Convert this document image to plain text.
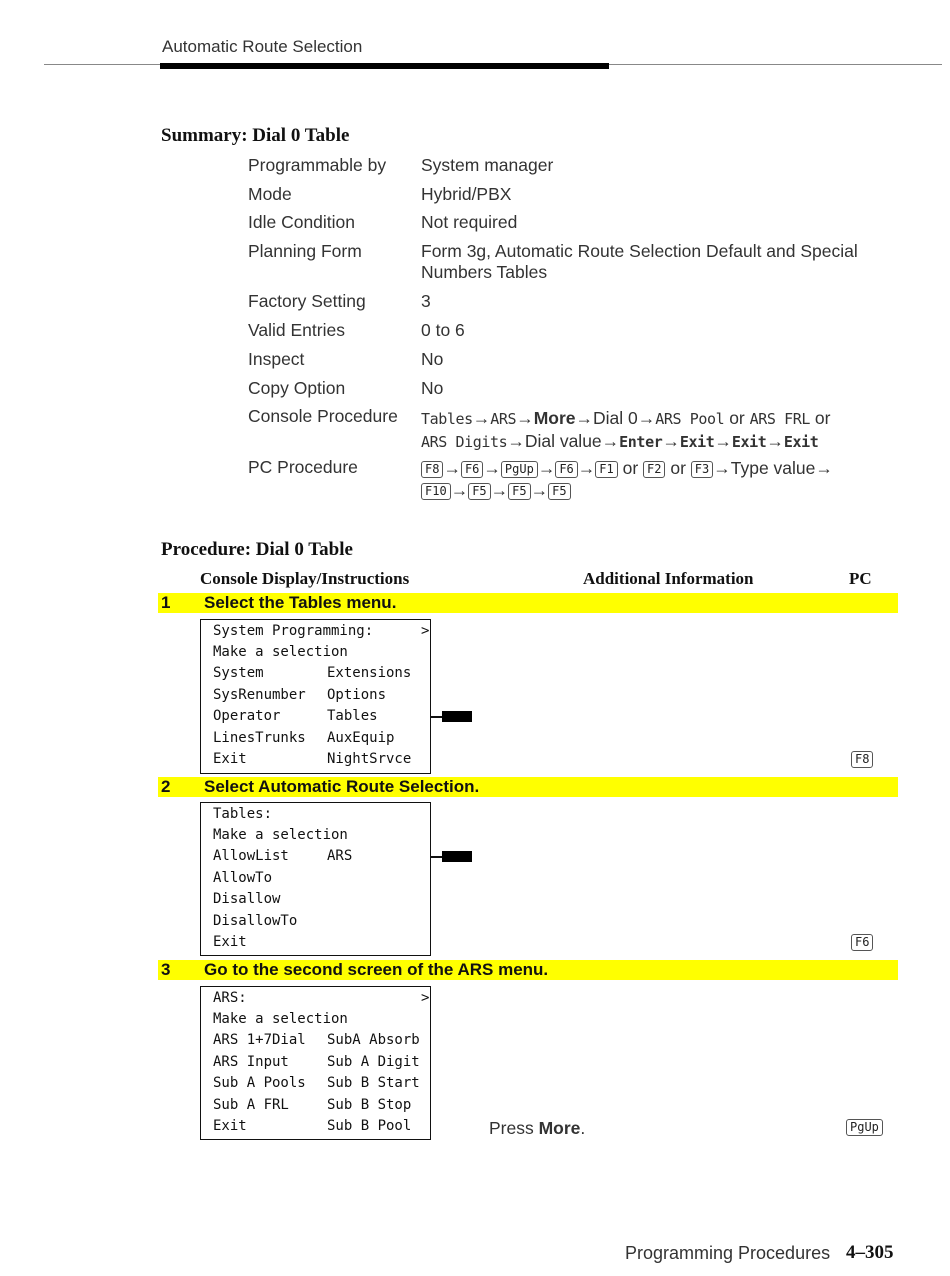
Automatic Route Selection
Summary: Dial 0 Table
Programmable by System manager
Mode	Hybrid/PBX
Idle Condition	Not required
Planning Form	Form 3g, Automatic Route Selection Default and Special Numbers Tables
Factory Setting	3
Valid Entries	0 to 6
Inspect	No
Copy Option	No
Console Procedure Tables→ARS→More→Dial 0→ARS Pool or ARS FRL or
ARS Digits→Dial value→Enter→Exit→Exit→Exit
PC Procedure	F8 → F6 → PgUp → F6 → F1 or F2 or F3 →Type value→
F10 → F5 → F5 → F5
Procedure: Dial 0 Table
Console Display/Instructions	Additional Information	PC
1 Select the Tables menu.
System Programming:	>
Make a selection
System	Extensions
SysRenumber Options
Operator	Tables
LinesTrunks AuxEquip
Exit	NightSrvce	F8
2 Select Automatic Route Selection.
Tables:
Make a selection
AllowList	ARS
AllowTo
Disallow
DisallowTo
Exit	F6
3 Go to the second screen of the ARS menu.
ARS:	>
Make a selection
ARS 1+7Dial SubA Absorb
ARS Input	Sub A Digit
Sub A Pools Sub B Start
Sub A FRL	Sub B Stop
Exit	Sub B Pool	Press More.	PgUp
Programming Procedures 4–305
